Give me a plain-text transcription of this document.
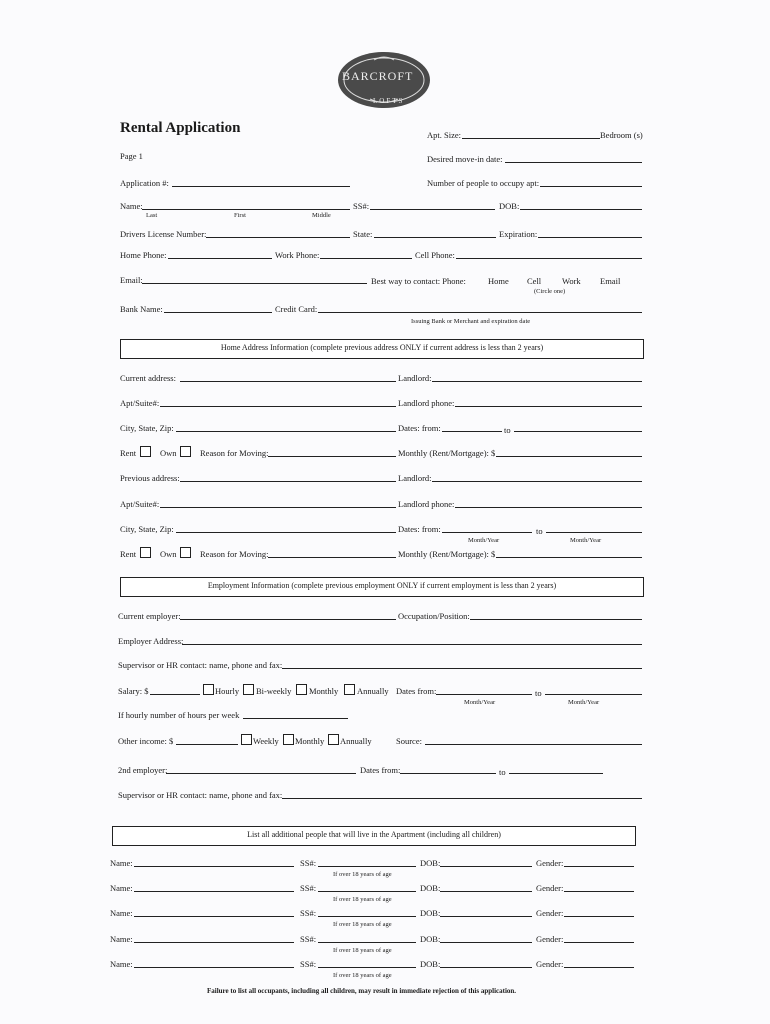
BARCROFT
LOFTS
Rental Application
Page 1
Apt. Size:	Bedroom (s)
Desired move-in date:
Application #:	Number of people to occupy apt:
Name:
Last	First	Middle
SS#:	DOB:
Drivers License Number:	State:	Expiration:
Home Phone:	Work Phone:	Cell Phone:
Email:	Best way to contact: Phone:	Home Cell Work Email
(Circle one)
Bank Name:	Credit Card:
Issuing Bank or Merchant and expiration date
Home Address Information (complete previous address ONLY if current address is less than 2 years)
Current address:	Landlord:
Apt/Suite#:	Landlord phone:
City, State, Zip:	Dates: from:	to
Rent	Own	Reason for Moving:	Monthly (Rent/Mortgage): $
Previous address:	Landlord:
Apt/Suite#:	Landlord phone:
City, State, Zip:	Dates: from:	to
Month/Year	Month/Year
Rent	Own	Reason for Moving:	Monthly (Rent/Mortgage): $
Employment Information (complete previous employment ONLY if current employment is less than 2 years)
Current employer:	Occupation/Position:
Employer Address:
Supervisor or HR contact: name, phone and fax:
Salary: $	Hourly Bi-weekly Monthly Annually Dates from:	to
Month/Year	Month/Year
If hourly number of hours per week
Other income: $	Weekly Monthly Annually	Source:
2nd employer:	Dates from:	to
Supervisor or HR contact: name, phone and fax:
List all additional people that will live in the Apartment (including all children)
Name:	SS#:	DOB:	Gender:
If over 18 years of age
Name:	SS#:	DOB:	Gender:
If over 18 years of age
Name:	SS#:	DOB:	Gender:
If over 18 years of age
Name:	SS#:	DOB:	Gender:
If over 18 years of age
Name:	SS#:	DOB:	Gender:
If over 18 years of age
Failure to list all occupants, including all children, may result in immediate rejection of this application.
